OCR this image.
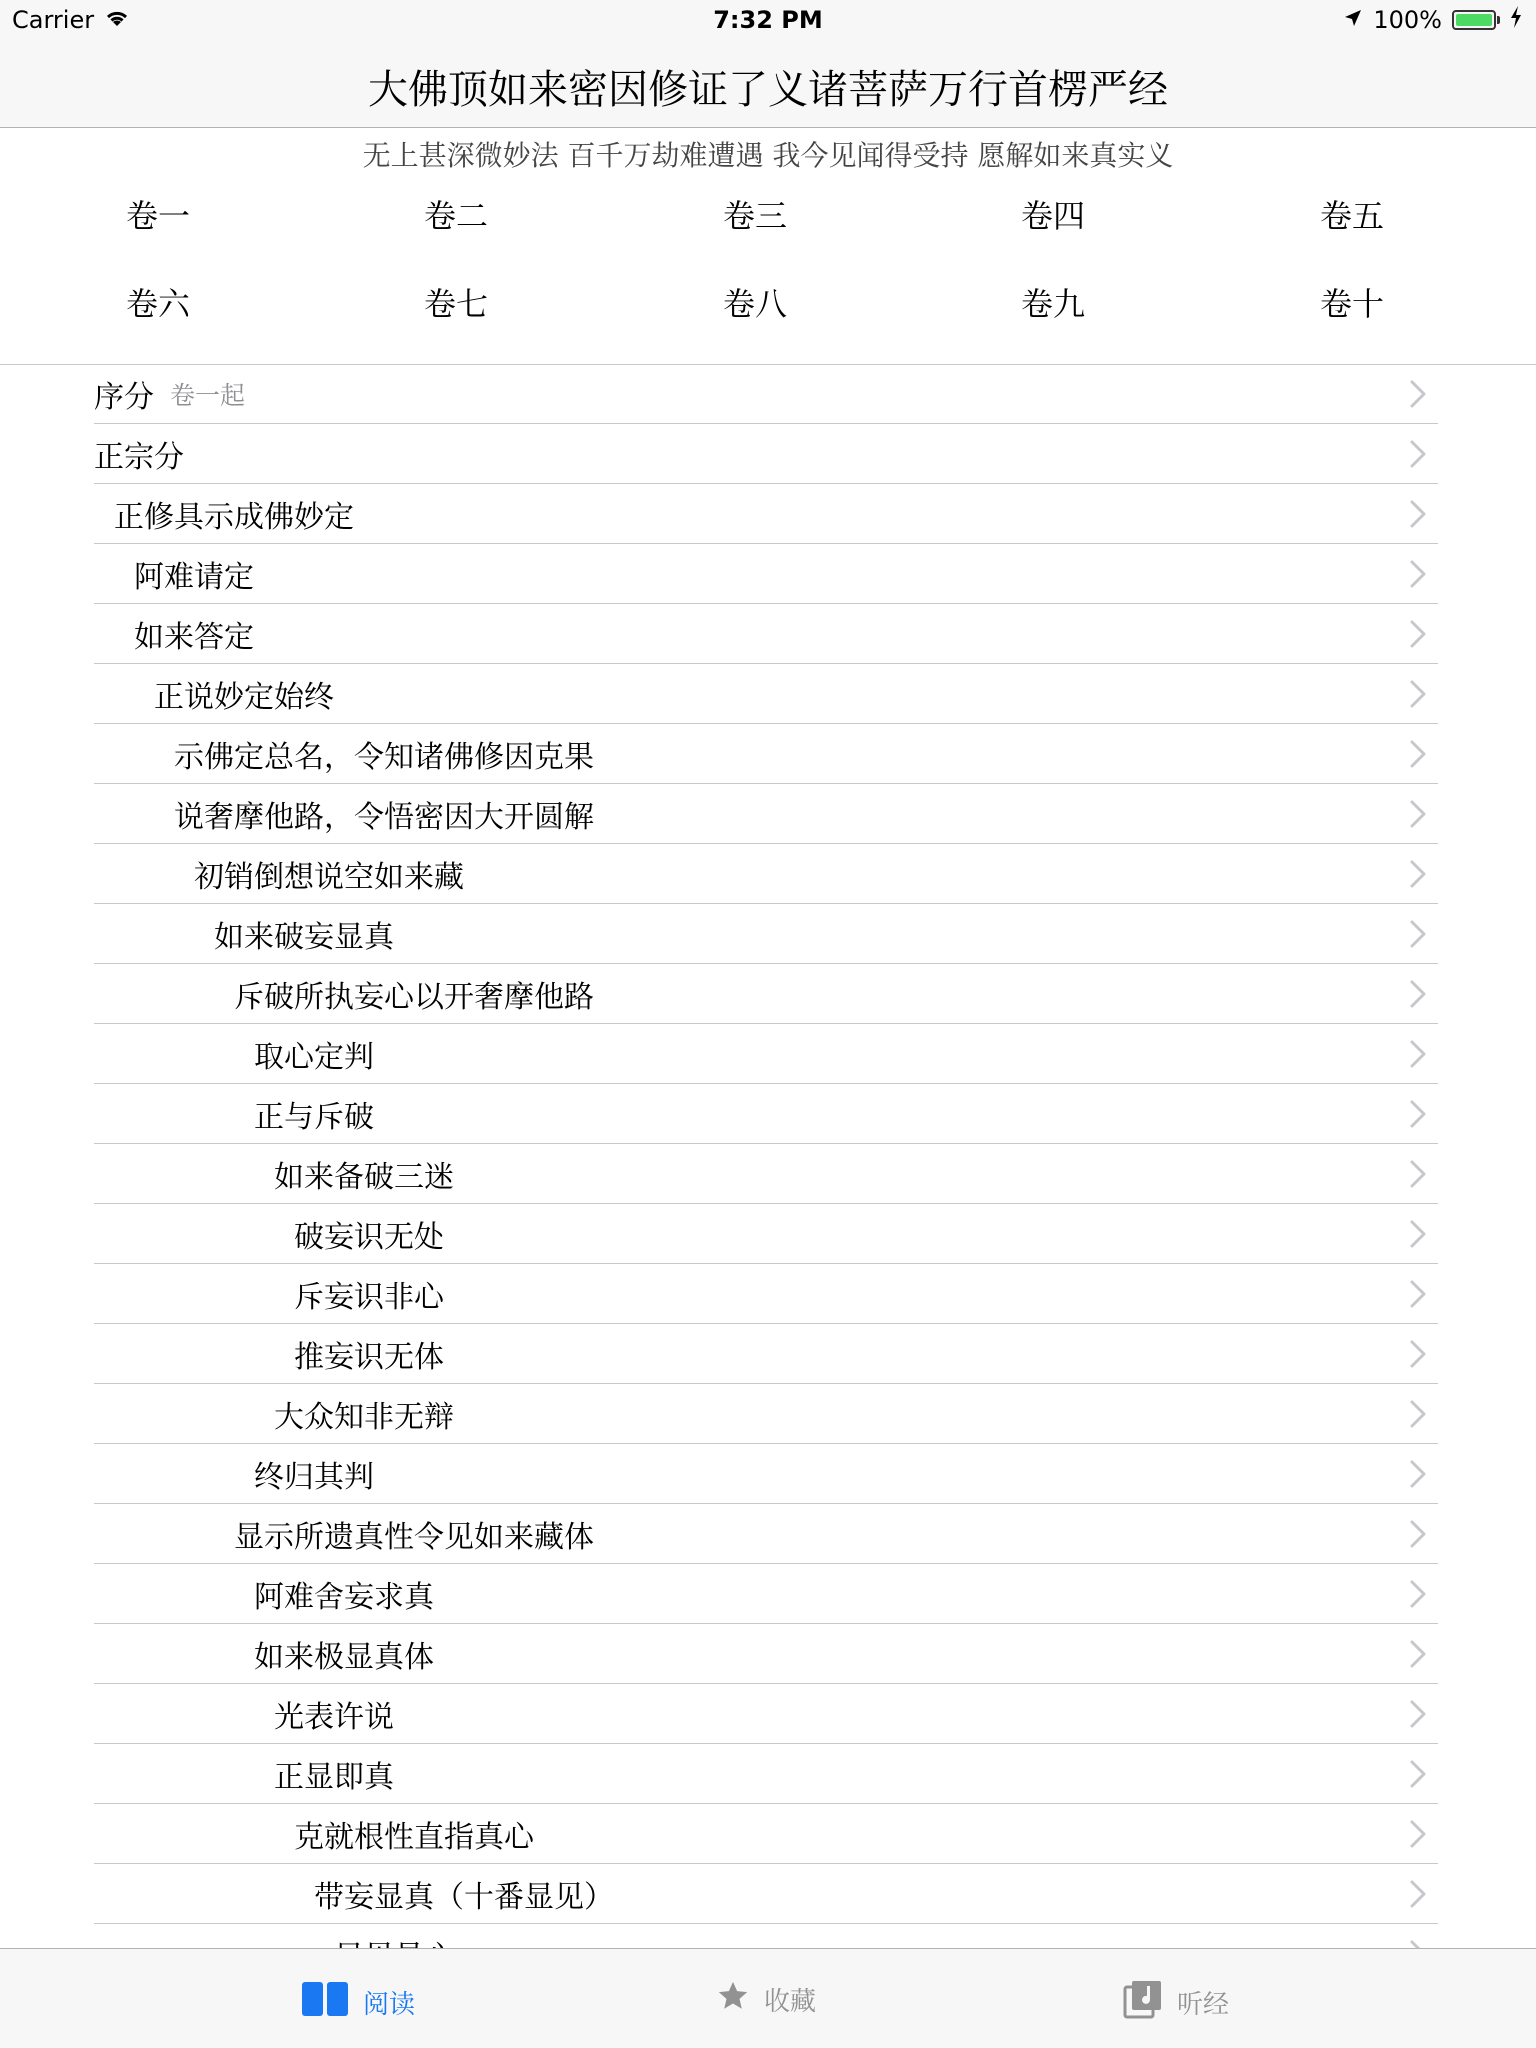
Carrier	7:32 PM	100%
大佛顶如来密因修证了义诸菩萨万行首楞严经
无上甚深微妙法 百千万劫难遭遇 我今见闻得受持 愿解如来真实义
卷一	卷二	卷三	卷四	卷五
卷六	卷七	卷八	卷九	卷十
序分 卷一起
正宗分
正修具示成佛妙定
阿难请定
如来答定
正说妙定始终
示佛定总名，令知诸佛修因克果
说奢摩他路，令悟密因大开圆解
初销倒想说空如来藏
如来破妄显真
斥破所执妄心以开奢摩他路
取心定判
正与斥破
如来备破三迷
破妄识无处
斥妄识非心
推妄识无体
大众知非无辩
终归其判
显示所遗真性令见如来藏体
阿难舍妄求真
如来极显真体
光表许说
正显即真
克就根性直指真心
带妄显真（十番显见）
阅读	收藏	听经
